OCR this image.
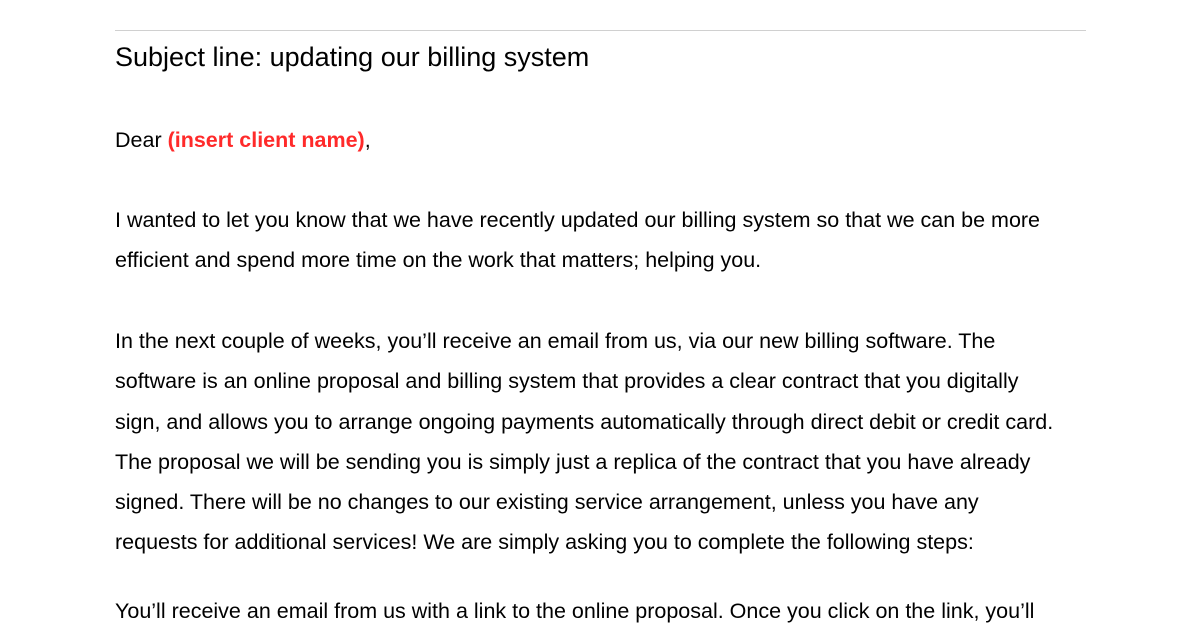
Subject line: updating our billing system
Dear (insert client name),
I wanted to let you know that we have recently updated our billing system so that we can be more
efficient and spend more time on the work that matters; helping you.
In the next couple of weeks, you’ll receive an email from us, via our new billing software. The
software is an online proposal and billing system that provides a clear contract that you digitally
sign, and allows you to arrange ongoing payments automatically through direct debit or credit card.
The proposal we will be sending you is simply just a replica of the contract that you have already
signed. There will be no changes to our existing service arrangement, unless you have any
requests for additional services! We are simply asking you to complete the following steps:
You’ll receive an email from us with a link to the online proposal. Once you click on the link, you’ll
